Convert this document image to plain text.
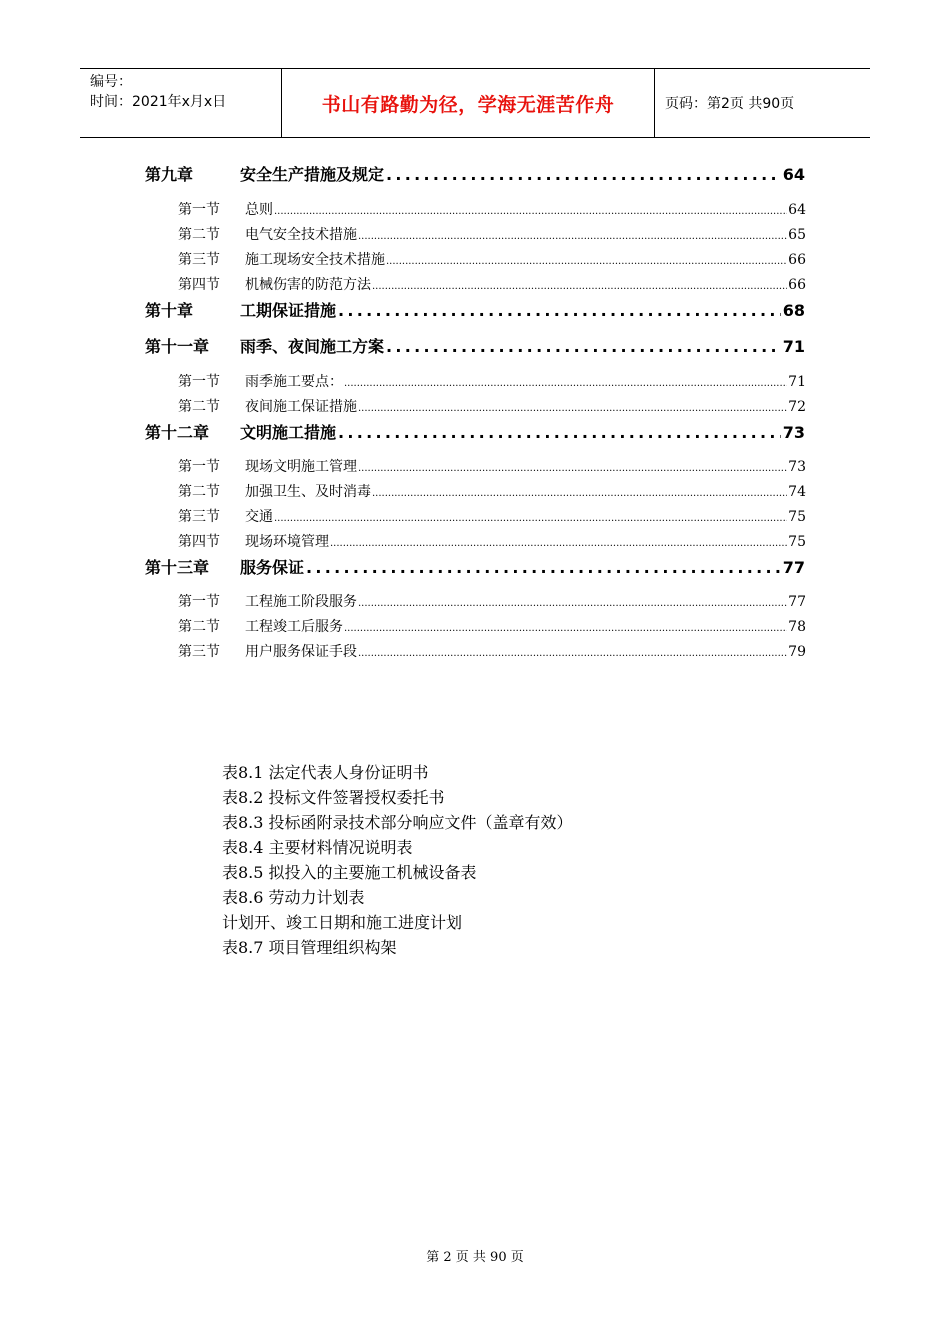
编号：
时间：2021年x月x日	书山有路勤为径，学海无涯苦作舟	页码：第2页 共90页
第九章	安全生产措施及规定 .....	64
第一节	总则 .....	64
第二节	电气安全技术措施 .....	65
第三节	施工现场安全技术措施 .....	66
第四节	机械伤害的防范方法 .....	66
第十章	工期保证措施 .....	68
第十一章	雨季、夜间施工方案 .....	71
第一节	雨季施工要点： .....	71
第二节	夜间施工保证措施 .....	72
第十二章	文明施工措施 .....	73
第一节	现场文明施工管理 .....	73
第二节	加强卫生、及时消毒 .....	74
第三节	交通 .....	75
第四节	现场环境管理 .....	75
第十三章	服务保证 .....	77
第一节	工程施工阶段服务 .....	77
第二节	工程竣工后服务 .....	78
第三节	用户服务保证手段 .....	79
表8.1 法定代表人身份证明书
表8.2 投标文件签署授权委托书
表8.3 投标函附录技术部分响应文件（盖章有效）
表8.4 主要材料情况说明表
表8.5 拟投入的主要施工机械设备表
表8.6 劳动力计划表
计划开、竣工日期和施工进度计划
表8.7 项目管理组织构架
第 2 页 共 90 页
